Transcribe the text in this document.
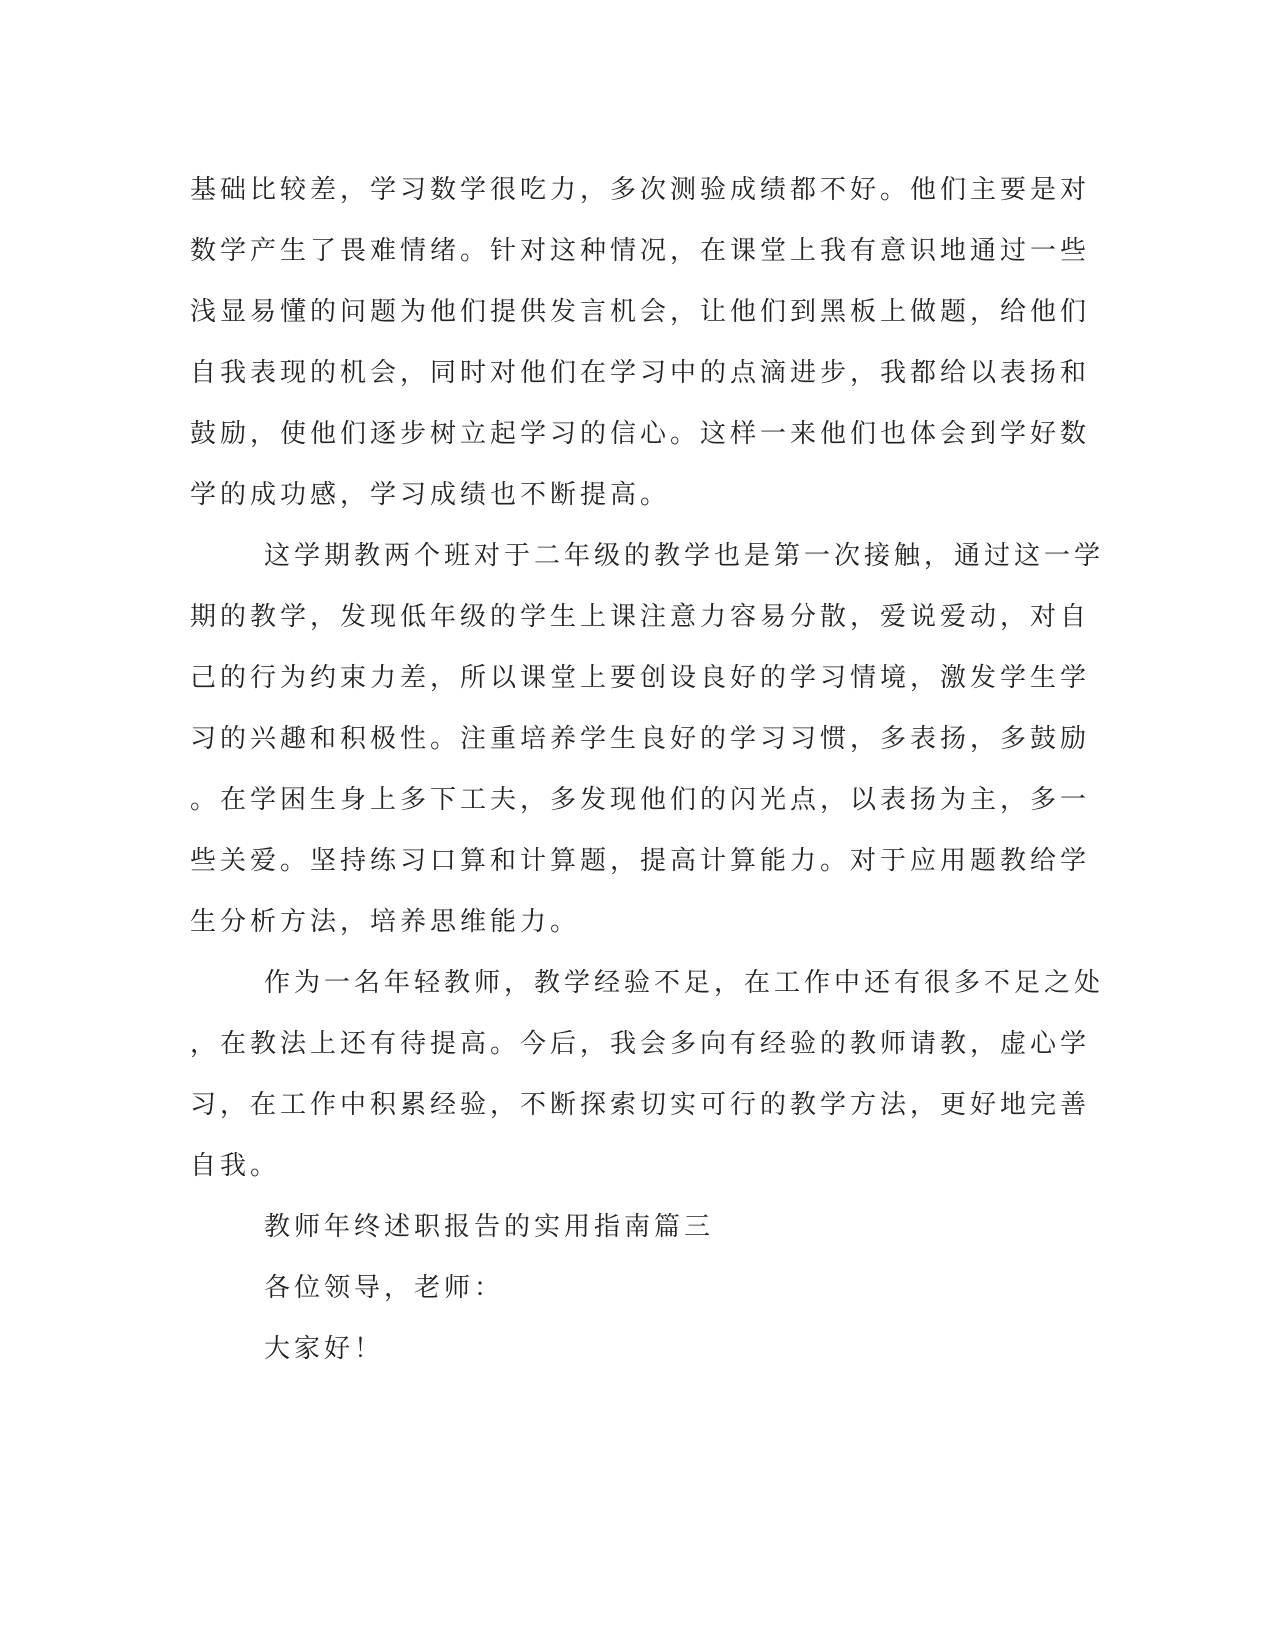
基础比较差，学习数学很吃力，多次测验成绩都不好。他们主要是对
数学产生了畏难情绪。针对这种情况，在课堂上我有意识地通过一些
浅显易懂的问题为他们提供发言机会，让他们到黑板上做题，给他们
自我表现的机会，同时对他们在学习中的点滴进步，我都给以表扬和
鼓励，使他们逐步树立起学习的信心。这样一来他们也体会到学好数
学的成功感，学习成绩也不断提高。
这学期教两个班对于二年级的教学也是第一次接触，通过这一学
期的教学，发现低年级的学生上课注意力容易分散，爱说爱动，对自
己的行为约束力差，所以课堂上要创设良好的学习情境，激发学生学
习的兴趣和积极性。注重培养学生良好的学习习惯，多表扬，多鼓励
。在学困生身上多下工夫，多发现他们的闪光点，以表扬为主，多一
些关爱。坚持练习口算和计算题，提高计算能力。对于应用题教给学
生分析方法，培养思维能力。
作为一名年轻教师，教学经验不足，在工作中还有很多不足之处
，在教法上还有待提高。今后，我会多向有经验的教师请教，虚心学
习，在工作中积累经验，不断探索切实可行的教学方法，更好地完善
自我。
教师年终述职报告的实用指南篇三
各位领导，老师：
大家好！
